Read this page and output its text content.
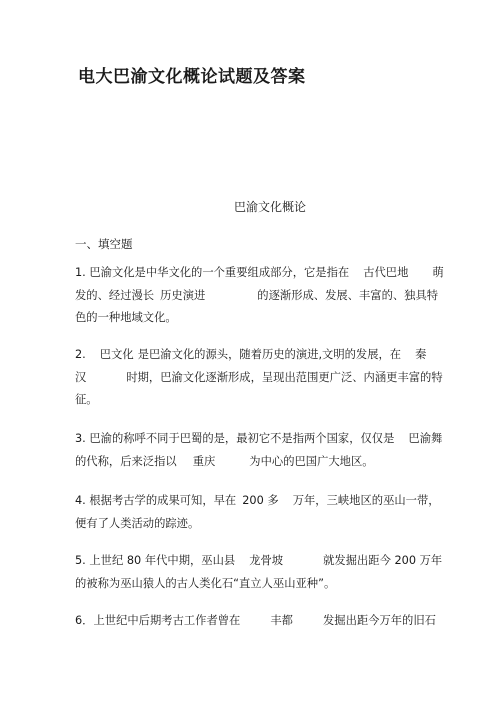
电大巴渝文化概论试题及答案
巴渝文化概论
一、填空题
1. 巴渝文化是中华文化的一个重要组成部分，它是指在 古代巴地 萌
发的、经过漫长 历史演进	的逐渐形成、发展、丰富的、独具特
色的一种地域文化。
2. 巴文化 是巴渝文化的源头，随着历史的演进,文明的发展，在 秦
汉	时期，巴渝文化逐渐形成，呈现出范围更广泛、内涵更丰富的特
征。
3. 巴渝的称呼不同于巴蜀的是，最初它不是指两个国家，仅仅是 巴渝舞
的代称，后来泛指以 重庆	为中心的巴国广大地区。
4. 根据考古学的成果可知，早在 200 多 万年，三峡地区的巫山一带，
便有了人类活动的踪迹。
5. 上世纪 80 年代中期，巫山县 龙骨坡	就发掘出距今 200 万年
的被称为巫山猿人的古人类化石“直立人巫山亚种”。
6．上世纪中后期考古工作者曾在	丰都	发掘出距今万年的旧石
